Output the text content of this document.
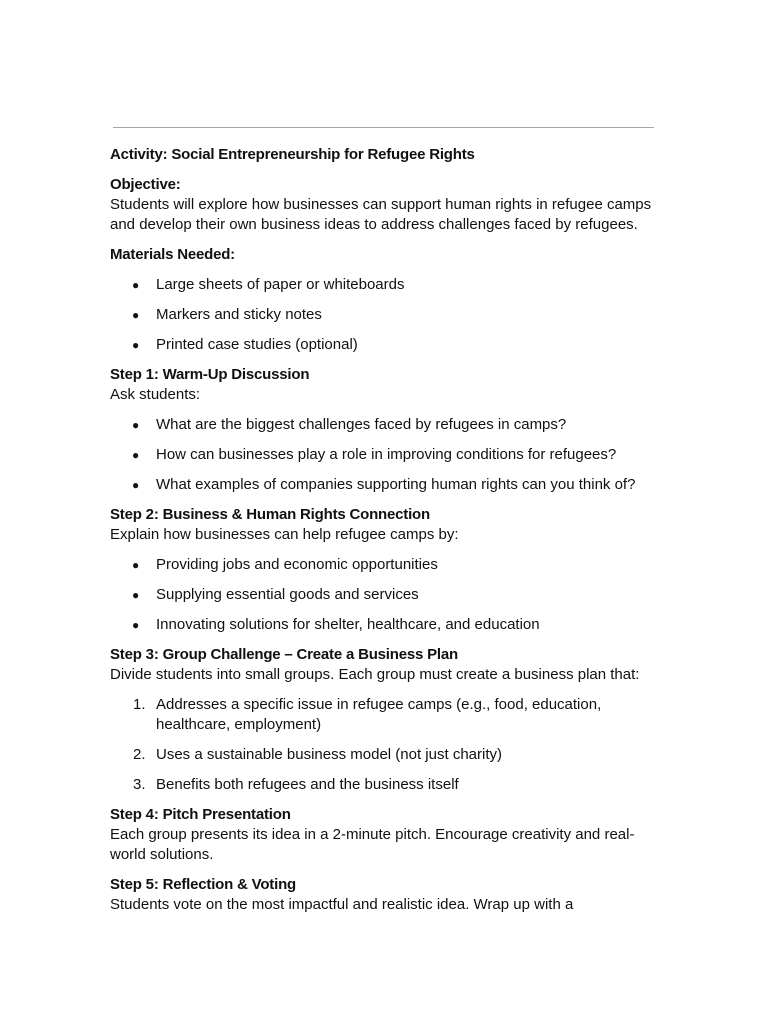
Activity: Social Entrepreneurship for Refugee Rights
Objective:
Students will explore how businesses can support human rights in refugee camps and develop their own business ideas to address challenges faced by refugees.
Materials Needed:
● Large sheets of paper or whiteboards
● Markers and sticky notes
● Printed case studies (optional)
Step 1: Warm-Up Discussion
Ask students:
● What are the biggest challenges faced by refugees in camps?
● How can businesses play a role in improving conditions for refugees?
● What examples of companies supporting human rights can you think of?
Step 2: Business & Human Rights Connection
Explain how businesses can help refugee camps by:
● Providing jobs and economic opportunities
● Supplying essential goods and services
● Innovating solutions for shelter, healthcare, and education
Step 3: Group Challenge – Create a Business Plan
Divide students into small groups. Each group must create a business plan that:
1. Addresses a specific issue in refugee camps (e.g., food, education, healthcare, employment)
2. Uses a sustainable business model (not just charity)
3. Benefits both refugees and the business itself
Step 4: Pitch Presentation
Each group presents its idea in a 2-minute pitch. Encourage creativity and real-world solutions.
Step 5: Reflection & Voting
Students vote on the most impactful and realistic idea. Wrap up with a
